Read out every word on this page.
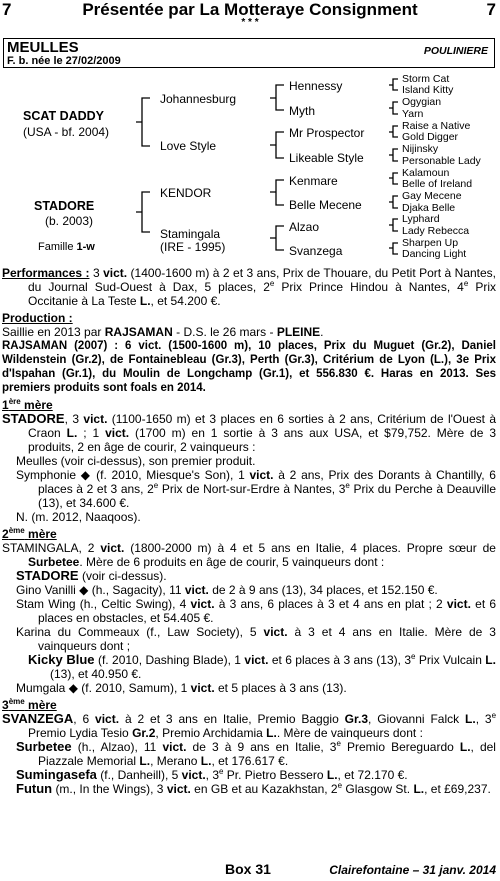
7	Présentée par La Motteraye Consignment	7
* * *
MEULLES
F. b. née le 27/02/2009
POULINIERE
SCAT DADDY
(USA - bf. 2004)
STADORE
(b. 2003)
Famille 1-w
Johannesburg
Love Style
KENDOR
Stamingala
(IRE - 1995)
Hennessy
Myth
Mr Prospector
Likeable Style
Kenmare
Belle Mecene
Alzao
Svanzega
Storm Cat
Island Kitty
Ogygian
Yarn
Raise a Native
Gold Digger
Nijinsky
Personable Lady
Kalamoun
Belle of Ireland
Gay Mecene
Djaka Belle
Lyphard
Lady Rebecca
Sharpen Up
Dancing Light

Performances : 3 vict. (1400-1600 m) à 2 et 3 ans, Prix de Thouare, du Petit Port à Nantes, du Journal Sud-Ouest à Dax, 5 places, 2e Prix Prince Hindou à Nantes, 4e Prix Occitanie à La Teste L., et 54.200 €.

Production :

Saillie en 2013 par RAJSAMAN - D.S. le 26 mars - PLEINE.

RAJSAMAN (2007) : 6 vict. (1500-1600 m), 10 places, Prix du Muguet (Gr.2), Daniel Wildenstein (Gr.2), de Fontainebleau (Gr.3), Perth (Gr.3), Critérium de Lyon (L.), 3e Prix d'Ispahan (Gr.1), du Moulin de Longchamp (Gr.1), et 556.830 €. Haras en 2013. Ses premiers produits sont foals en 2014.

1ère mère

STADORE, 3 vict. (1100-1650 m) et 3 places en 6 sorties à 2 ans, Critérium de l'Ouest à Craon L. ; 1 vict. (1700 m) en 1 sortie à 3 ans aux USA, et $79,752. Mère de 3 produits, 2 en âge de courir, 2 vainqueurs :

Meulles (voir ci-dessus), son premier produit.

Symphonie ◆ (f. 2010, Miesque's Son), 1 vict. à 2 ans, Prix des Dorants à Chantilly, 6 places à 2 et 3 ans, 2e Prix de Nort-sur-Erdre à Nantes, 3e Prix du Perche à Deauville (13), et 34.600 €.

N. (m. 2012, Naaqoos).

2ème mère

STAMINGALA, 2 vict. (1800-2000 m) à 4 et 5 ans en Italie, 4 places. Propre sœur de Surbetee. Mère de 6 produits en âge de courir, 5 vainqueurs dont :

STADORE (voir ci-dessus).

Gino Vanilli ◆ (h., Sagacity), 11 vict. de 2 à 9 ans (13), 34 places, et 152.150 €.

Stam Wing (h., Celtic Swing), 4 vict. à 3 ans, 6 places à 3 et 4 ans en plat ; 2 vict. et 6 places en obstacles, et 54.405 €.

Karina du Commeaux (f., Law Society), 5 vict. à 3 et 4 ans en Italie. Mère de 3 vainqueurs dont ;

Kicky Blue (f. 2010, Dashing Blade), 1 vict. et 6 places à 3 ans (13), 3e Prix Vulcain L. (13), et 40.950 €.

Mumgala ◆ (f. 2010, Samum), 1 vict. et 5 places à 3 ans (13).

3ème mère

SVANZEGA, 6 vict. à 2 et 3 ans en Italie, Premio Baggio Gr.3, Giovanni Falck L., 3e Premio Lydia Tesio Gr.2, Premio Archidamia L.. Mère de vainqueurs dont :

Surbetee (h., Alzao), 11 vict. de 3 à 9 ans en Italie, 3e Premio Bereguardo L., del Piazzale Memorial L., Merano L., et 176.617 €.

Sumingasefa (f., Danheill), 5 vict., 3e Pr. Pietro Bessero L., et 72.170 €.

Futun (m., In the Wings), 3 vict. en GB et au Kazakhstan, 2e Glasgow St. L., et £69,237.

Box 31	Clairefontaine – 31 janv. 2014
